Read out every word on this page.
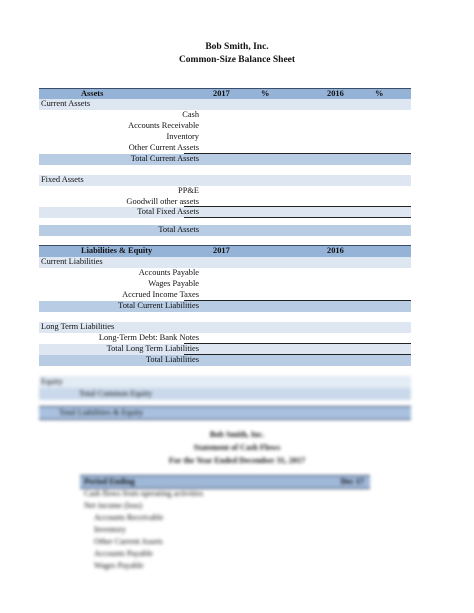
Bob Smith, Inc.
Common-Size Balance Sheet
Assets	2017	%	2016	%
Current Assets
Cash
Accounts Receivable
Inventory
Other Current Assets
Total Current Assets
Fixed Assets
PP&E
Goodwill other assets
Total Fixed Assets
Total Assets
Liabilities & Equity	2017	2016
Current Liabilities
Accounts Payable
Wages Payable
Accrued Income Taxes
Total Current Liabilities
Long Term Liabilities
Long-Term Debt: Bank Notes
Total Long Term Liabilities
Total Liabilities
Equity
Total Common Equity
Total Liabilities & Equity
Bob Smith, Inc.
Statement of Cash Flows
For the Year Ended December 31, 2017
Period Ending	Dec 17
Cash flows from operating activities
Net income (loss)
Accounts Receivable
Inventory
Other Current Assets
Accounts Payable
Wages Payable
